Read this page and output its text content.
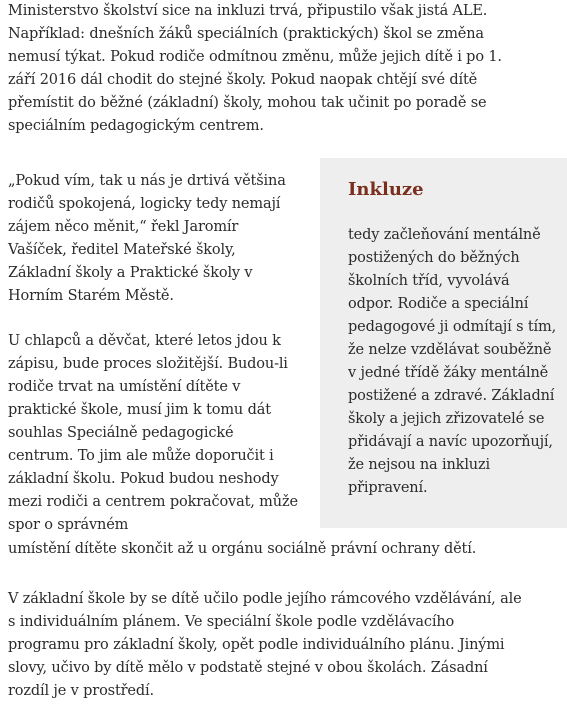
Ministerstvo školství sice na inkluzi trvá, připustilo však jistá ALE. Například: dnešních žáků speciálních (praktických) škol se změna nemusí týkat. Pokud rodiče odmítnou změnu, může jejich dítě i po 1. září 2016 dál chodit do stejné školy. Pokud naopak chtějí své dítě přemístit do běžné (základní) školy, mohou tak učinit po poradě se speciálním pedagogickým centrem.

„Pokud vím, tak u nás je drtivá většina rodičů spokojená, logicky tedy nemají zájem něco měnit,“ řekl Jaromír Vašíček, ředitel Mateřské školy, Základní školy a Praktické školy v Horním Starém Městě.

U chlapců a děvčat, které letos jdou k zápisu, bude proces složitější. Budou-li rodiče trvat na umístění dítěte v praktické škole, musí jim k tomu dát souhlas Speciálně pedagogické centrum. To jim ale může doporučit i základní školu. Pokud budou neshody mezi rodiči a centrem pokračovat, může spor o správném

umístění dítěte skončit až u orgánu sociálně právní ochrany dětí.

V základní škole by se dítě učilo podle jejího rámcového vzdělávání, ale s individuálním plánem. Ve speciální škole podle vzdělávacího programu pro základní školy, opět podle individuálního plánu. Jinými slovy, učivo by dítě mělo v podstatě stejné v obou školách. Zásadní rozdíl je v prostředí.

Inkluze

tedy začleňování mentálně postižených do běžných školních tříd, vyvolává odpor. Rodiče a speciální pedagogové ji odmítají s tím, že nelze vzdělávat souběžně v jedné třídě žáky mentálně postižené a zdravé. Základní školy a jejich zřizovatelé se přidávají a navíc upozorňují, že nejsou na inkluzi připravení.
